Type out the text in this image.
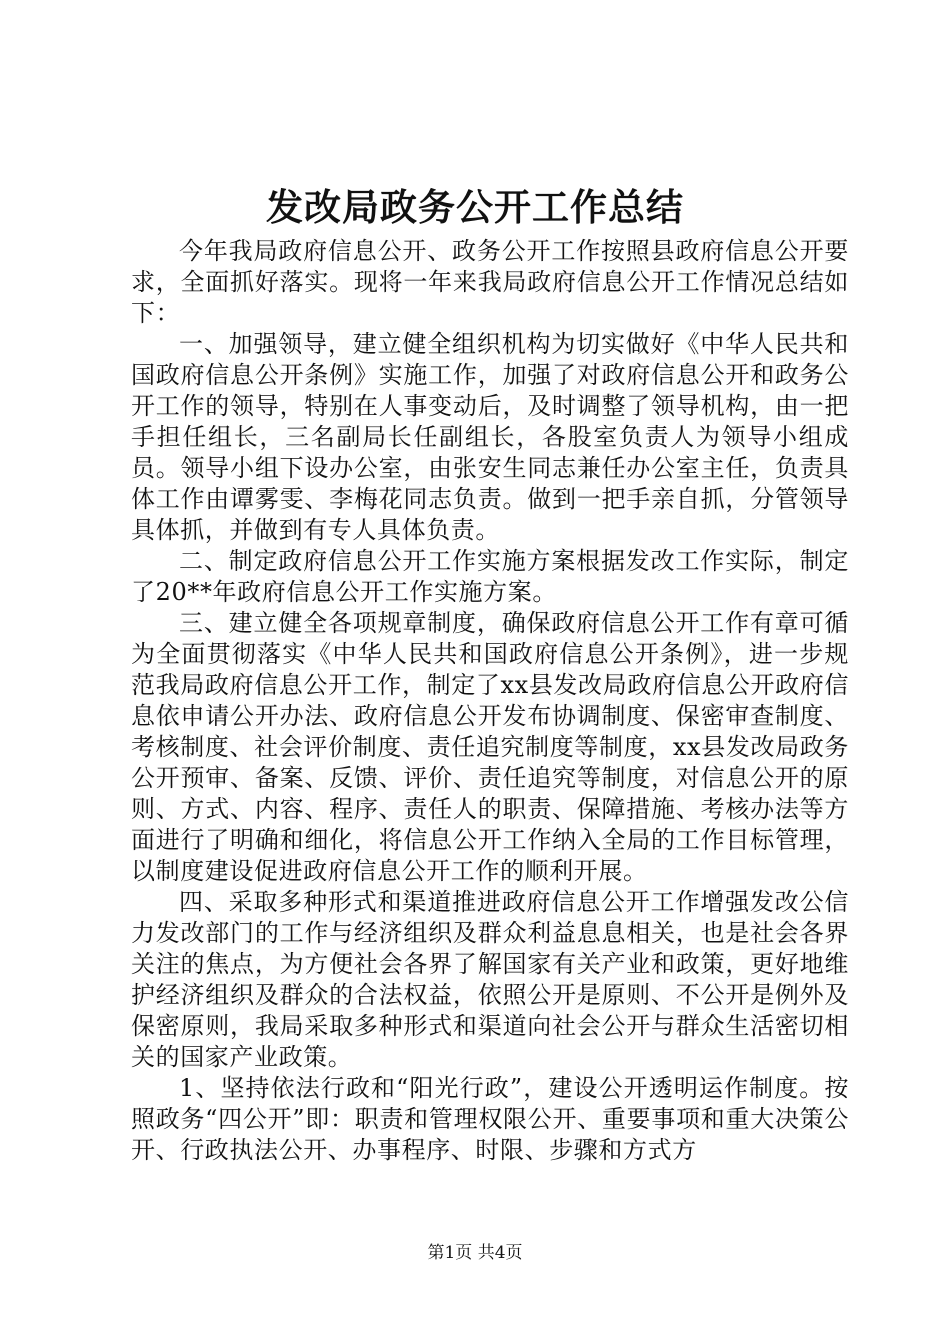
发改局政务公开工作总结

今年我局政府信息公开、政务公开工作按照县政府信息公开要求，全面抓好落实。现将一年来我局政府信息公开工作情况总结如下：

一、加强领导，建立健全组织机构为切实做好《中华人民共和国政府信息公开条例》实施工作，加强了对政府信息公开和政务公开工作的领导，特别在人事变动后，及时调整了领导机构，由一把手担任组长，三名副局长任副组长，各股室负责人为领导小组成员。领导小组下设办公室，由张安生同志兼任办公室主任，负责具体工作由谭雾雯、李梅花同志负责。做到一把手亲自抓，分管领导具体抓，并做到有专人具体负责。

二、制定政府信息公开工作实施方案根据发改工作实际，制定了20**年政府信息公开工作实施方案。

三、建立健全各项规章制度，确保政府信息公开工作有章可循为全面贯彻落实《中华人民共和国政府信息公开条例》，进一步规范我局政府信息公开工作，制定了xx县发改局政府信息公开政府信息依申请公开办法、政府信息公开发布协调制度、保密审查制度、考核制度、社会评价制度、责任追究制度等制度，xx县发改局政务公开预审、备案、反馈、评价、责任追究等制度，对信息公开的原则、方式、内容、程序、责任人的职责、保障措施、考核办法等方面进行了明确和细化，将信息公开工作纳入全局的工作目标管理，以制度建设促进政府信息公开工作的顺利开展。

四、采取多种形式和渠道推进政府信息公开工作增强发改公信力发改部门的工作与经济组织及群众利益息息相关，也是社会各界关注的焦点，为方便社会各界了解国家有关产业和政策，更好地维护经济组织及群众的合法权益，依照公开是原则、不公开是例外及保密原则，我局采取多种形式和渠道向社会公开与群众生活密切相关的国家产业政策。

1、坚持依法行政和“阳光行政”，建设公开透明运作制度。按照政务“四公开”即：职责和管理权限公开、重要事项和重大决策公开、行政执法公开、办事程序、时限、步骤和方式方

第1页 共4页
